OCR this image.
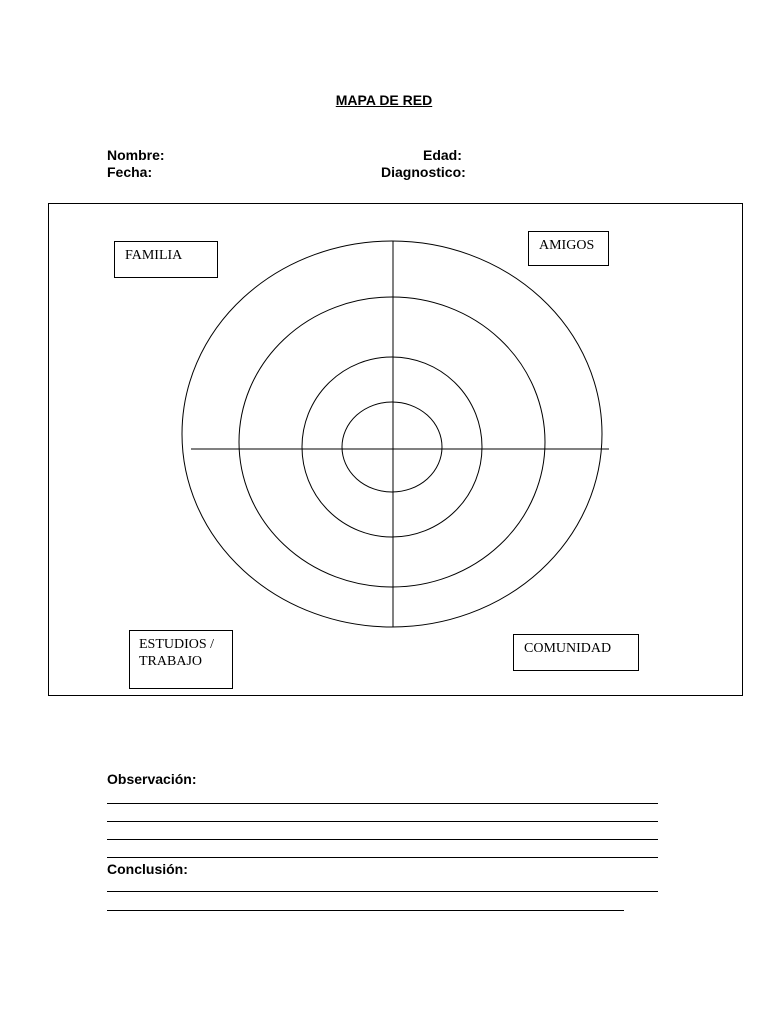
MAPA DE RED
Nombre:	Edad:
Fecha:	Diagnostico:
FAMILIA
AMIGOS
ESTUDIOS /
TRABAJO
COMUNIDAD
Observación:
Conclusión:
